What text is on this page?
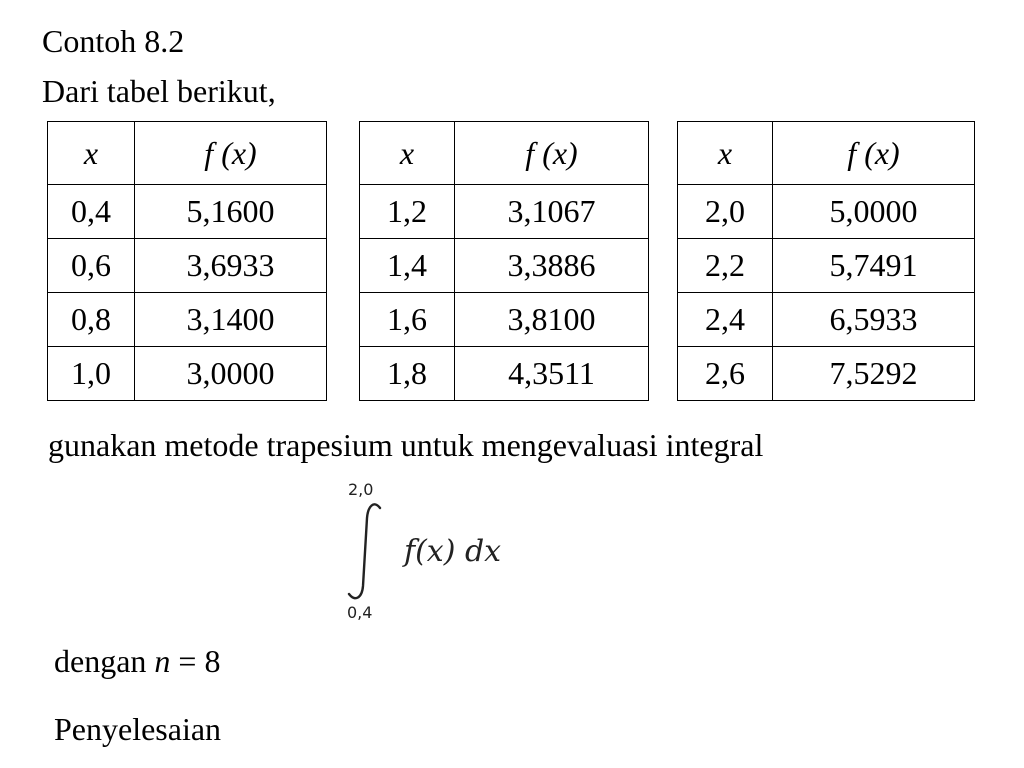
Contoh 8.2
Dari tabel berikut,
x	f (x)
0,4	5,1600
0,6	3,6933
0,8	3,1400
1,0	3,0000
x	f (x)
1,2	3,1067
1,4	3,3886
1,6	3,8100
1,8	4,3511
x	f (x)
2,0	5,0000
2,2	5,7491
2,4	6,5933
2,6	7,5292
gunakan metode trapesium untuk mengevaluasi integral
2,0
f(x) dx
0,4
dengan n = 8
Penyelesaian
